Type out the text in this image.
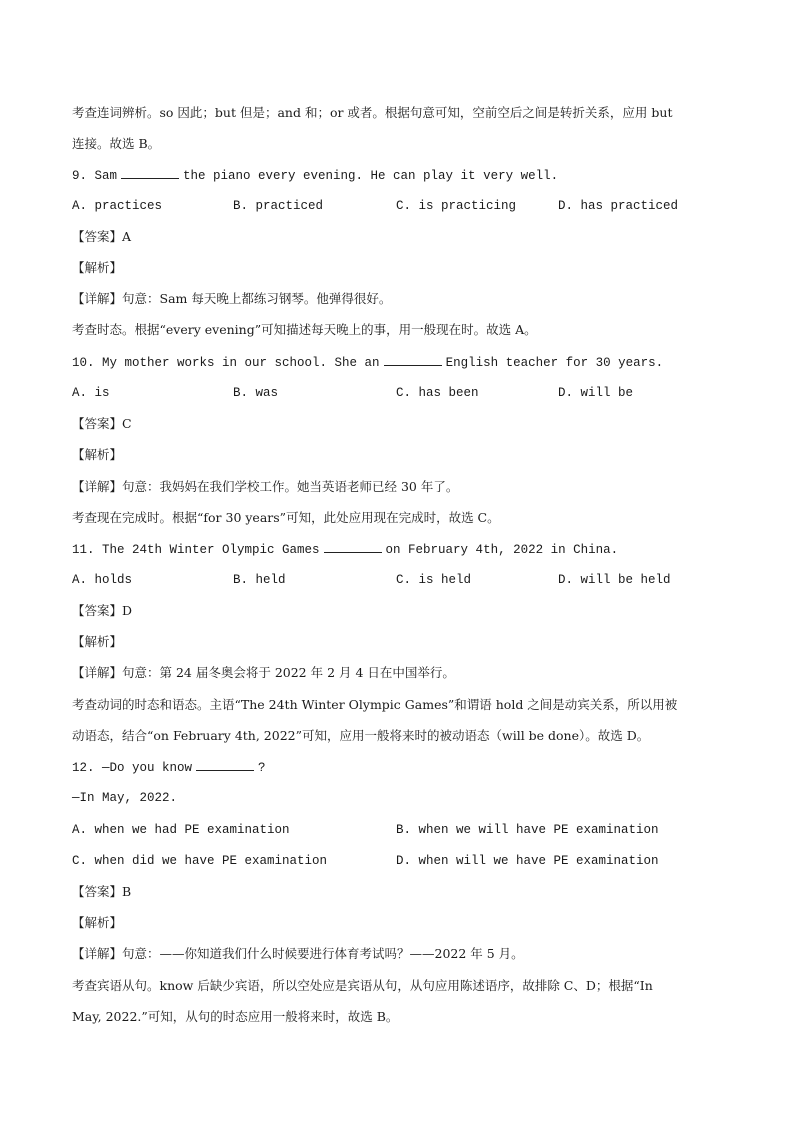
考查连词辨析。so 因此；but 但是；and 和；or 或者。根据句意可知，空前空后之间是转折关系，应用 but
连接。故选 B。
9. Sam	the piano every evening. He can play it very well.
A. practices	B. practiced	C. is practicing	D. has practiced
【答案】A
【解析】
【详解】句意：Sam 每天晚上都练习钢琴。他弹得很好。
考查时态。根据“every evening”可知描述每天晚上的事，用一般现在时。故选 A。
10. My mother works in our school. She an	English teacher for 30 years.
A. is	B. was	C. has been	D. will be
【答案】C
【解析】
【详解】句意：我妈妈在我们学校工作。她当英语老师已经 30 年了。
考查现在完成时。根据“for 30 years”可知，此处应用现在完成时，故选 C。
11. The 24th Winter Olympic Games	on February 4th, 2022 in China.
A. holds	B. held	C. is held	D. will be held
【答案】D
【解析】
【详解】句意：第 24 届冬奥会将于 2022 年 2 月 4 日在中国举行。
考查动词的时态和语态。主语“The 24th Winter Olympic Games”和谓语 hold 之间是动宾关系，所以用被
动语态，结合“on February 4th, 2022”可知，应用一般将来时的被动语态（will be done）。故选 D。
12. —Do you know	?
—In May, 2022.
A. when we had PE examination	B. when we will have PE examination
C. when did we have PE examination	D. when will we have PE examination
【答案】B
【解析】
【详解】句意：——你知道我们什么时候要进行体育考试吗？——2022 年 5 月。
考查宾语从句。know 后缺少宾语，所以空处应是宾语从句，从句应用陈述语序，故排除 C、D；根据“In
May, 2022.”可知，从句的时态应用一般将来时，故选 B。
